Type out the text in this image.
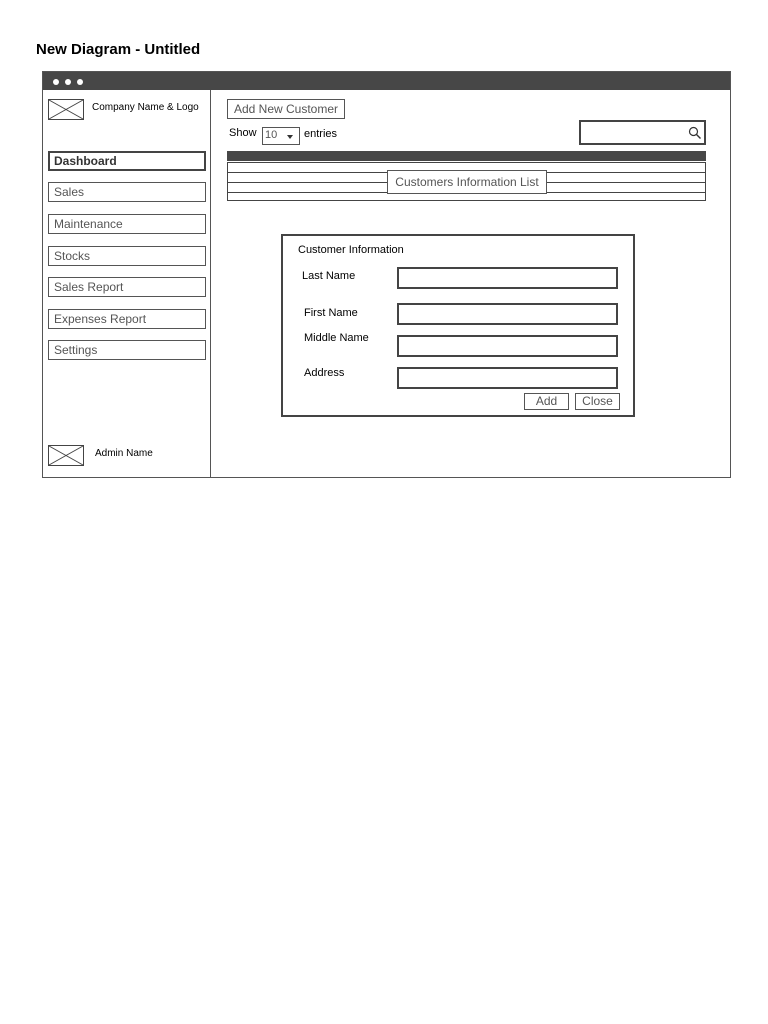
New Diagram - Untitled
Company Name & Logo
Dashboard
Sales
Maintenance
Stocks
Sales Report
Expenses Report
Settings
Admin Name
Add New Customer
Show 10 entries
Customers Information List
Customer Information
Last Name
First Name
Middle Name
Address
Add	Close
